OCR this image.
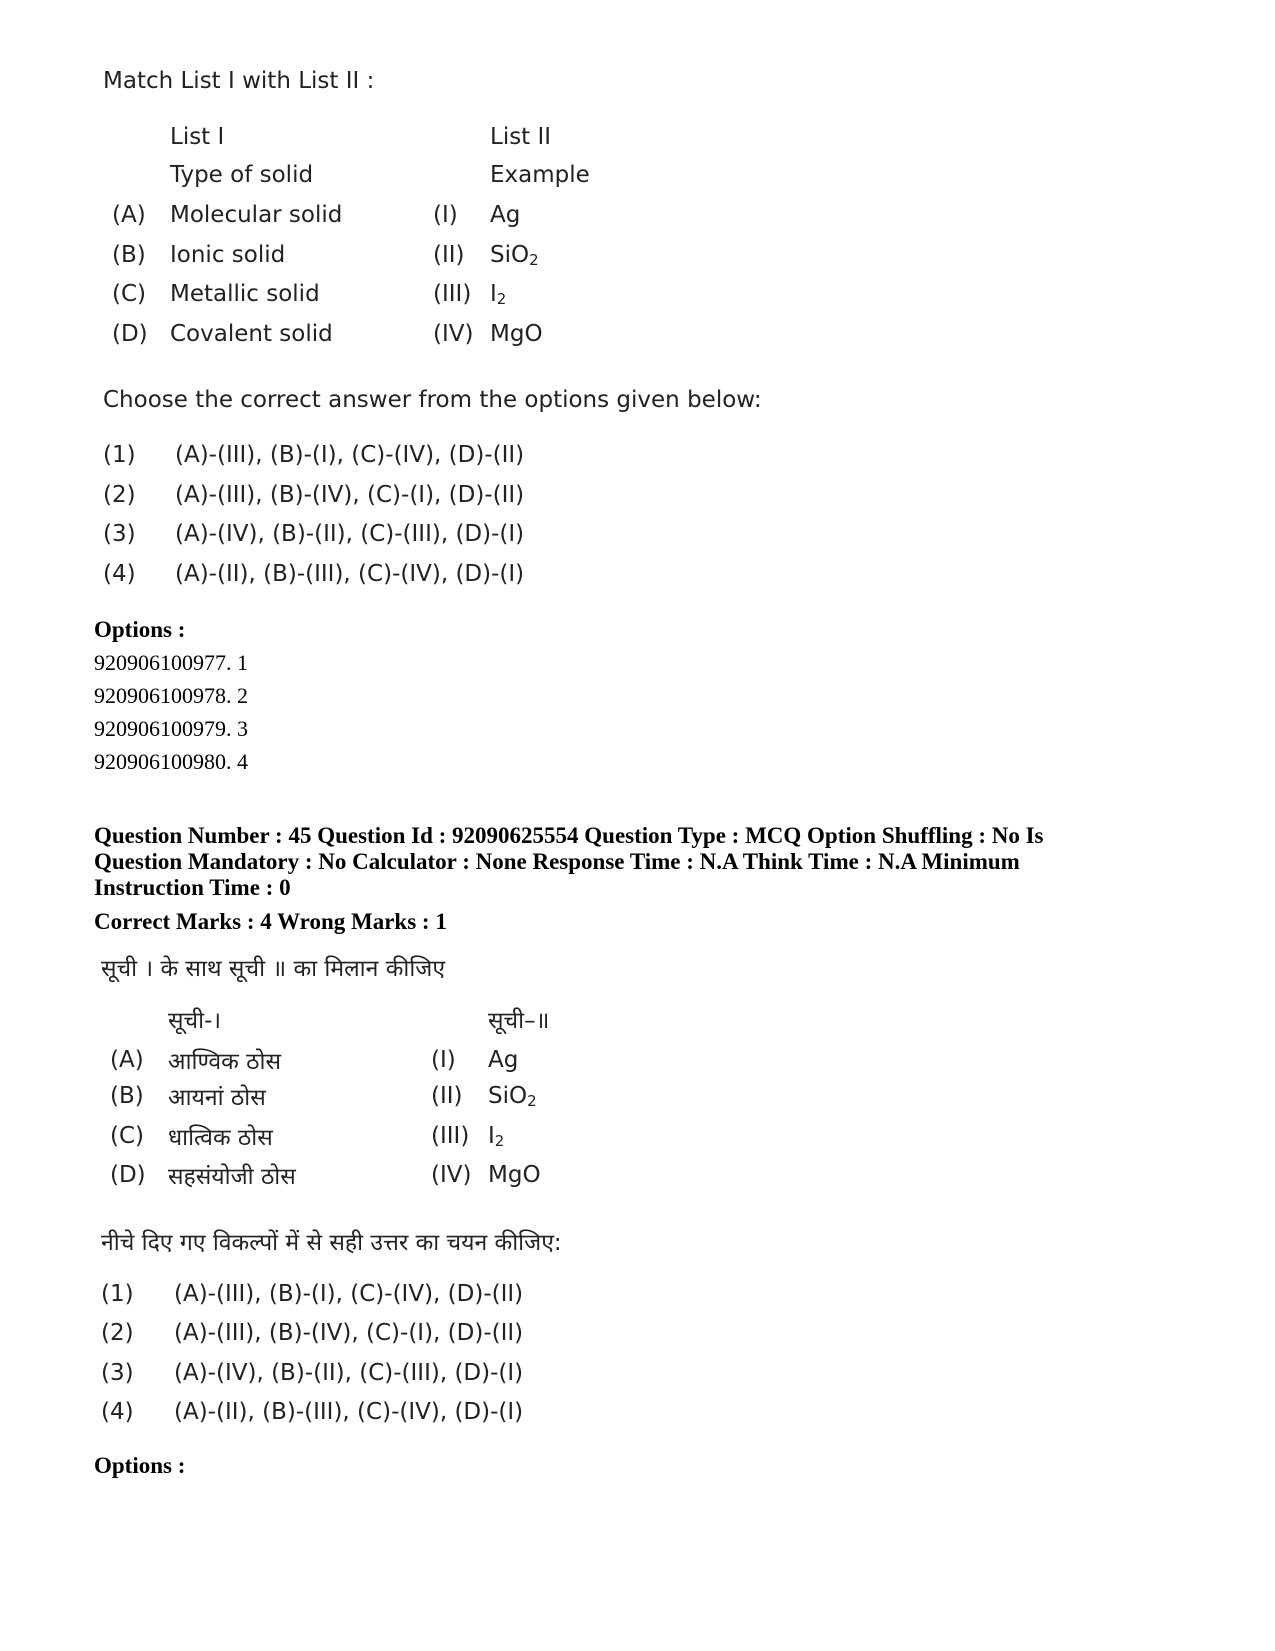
Match List I with List II :
List I	List II
Type of solid	Example
(A) Molecular solid	(I) Ag
(B) Ionic solid	(II) SiO$_2$
(C) Metallic solid	(III) $I_2$
(D) Covalent solid	(IV) MgO
Choose the correct answer from the options given below:
(1) (A)-(III), (B)-(I), (C)-(IV), (D)-(II)
(2) (A)-(III), (B)-(IV), (C)-(I), (D)-(II)
(3) (A)-(IV), (B)-(II), (C)-(III), (D)-(I)
(4) (A)-(II), (B)-(III), (C)-(IV), (D)-(I)
Options :
920906100977. 1
920906100978. 2
920906100979. 3
920906100980. 4
Question Number : 45 Question Id : 92090625554 Question Type : MCQ Option Shuffling : No Is
Question Mandatory : No Calculator : None Response Time : N.A Think Time : N.A Minimum
Instruction Time : 0
Correct Marks : 4 Wrong Marks : 1
सूची । के साथ सूची ॥ का मिलान कीजिए
सूची-।	सूची–॥
(A) आण्विक ठोस	(I) Ag
(B) आयनां ठोस	(II) SiO$_2$
(C) धात्विक ठोस	(III) $I_2$
(D) सहसंयोजी ठोस	(IV) MgO
नीचे दिए गए विकल्पों में से सही उत्तर का चयन कीजिए:
(1) (A)-(III), (B)-(I), (C)-(IV), (D)-(II)
(2) (A)-(III), (B)-(IV), (C)-(I), (D)-(II)
(3) (A)-(IV), (B)-(II), (C)-(III), (D)-(I)
(4) (A)-(II), (B)-(III), (C)-(IV), (D)-(I)
Options :
